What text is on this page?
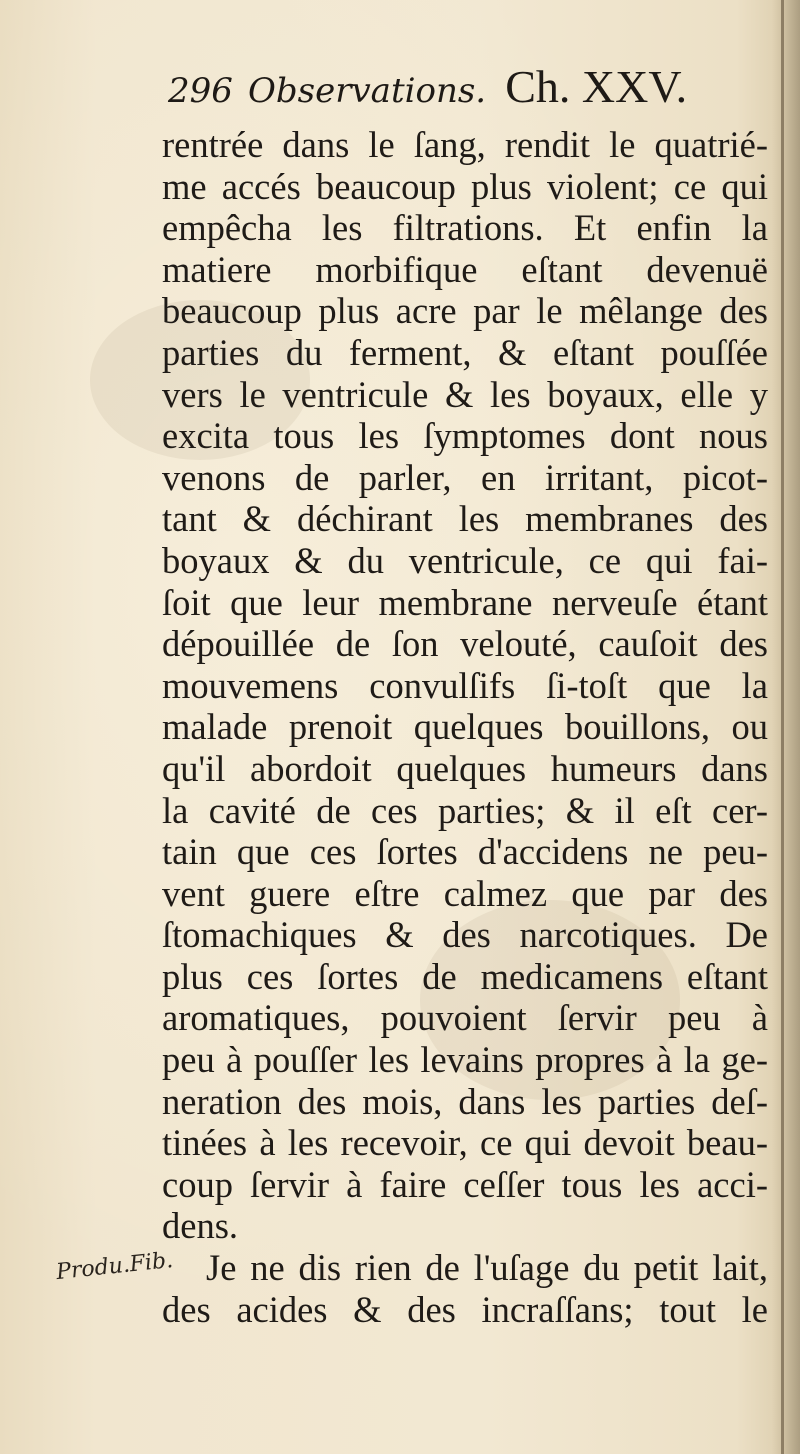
296 Observations. Ch. XXV.
rentrée dans le ſang, rendit le quatrié-
me accés beaucoup plus violent; ce qui
empêcha les filtrations. Et enfin la
matiere morbifique eſtant devenuë
beaucoup plus acre par le mêlange des
parties du ferment, & eſtant pouſſée
vers le ventricule & les boyaux, elle y
excita tous les ſymptomes dont nous
venons de parler, en irritant, picot-
tant & déchirant les membranes des
boyaux & du ventricule, ce qui fai-
ſoit que leur membrane nerveuſe étant
dépouillée de ſon velouté, cauſoit des
mouvemens convulſifs ſi-toſt que la
malade prenoit quelques bouillons, ou
qu'il abordoit quelques humeurs dans
la cavité de ces parties; & il eſt cer-
tain que ces ſortes d'accidens ne peu-
vent guere eſtre calmez que par des
ſtomachiques & des narcotiques. De
plus ces ſortes de medicamens eſtant
aromatiques, pouvoient ſervir peu à
peu à pouſſer les levains propres à la ge-
neration des mois, dans les parties deſ-
tinées à les recevoir, ce qui devoit beau-
coup ſervir à faire ceſſer tous les acci-
dens.
Je ne dis rien de l'uſage du petit lait,
des acides & des incraſſans; tout le
Produ.Fib.
